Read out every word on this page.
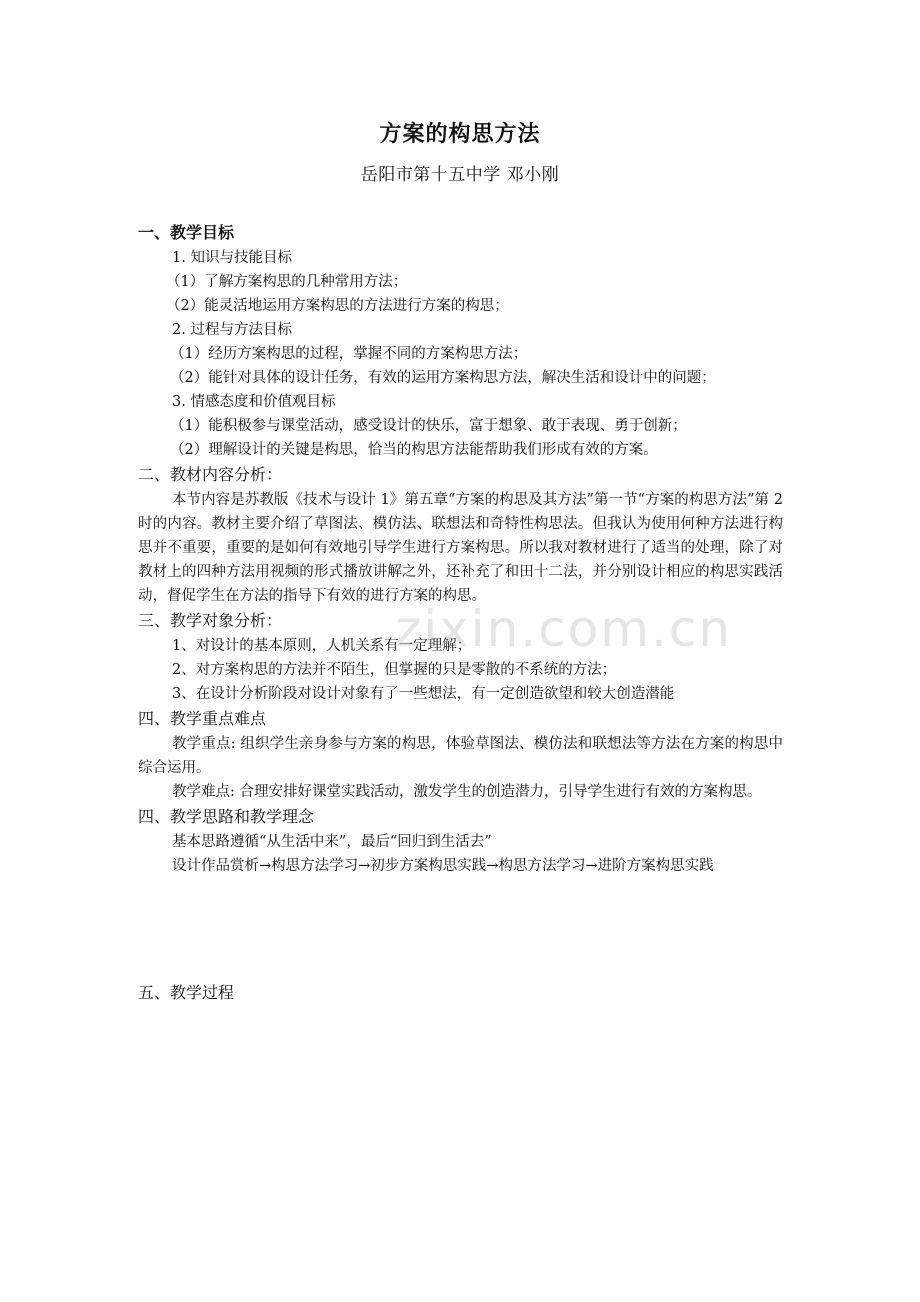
方案的构思方法
岳阳市第十五中学 邓小刚
一、教学目标
1. 知识与技能目标
（1）了解方案构思的几种常用方法；
（2）能灵活地运用方案构思的方法进行方案的构思；
2. 过程与方法目标
（1）经历方案构思的过程，掌握不同的方案构思方法；
（2）能针对具体的设计任务，有效的运用方案构思方法，解决生活和设计中的问题；
3. 情感态度和价值观目标
（1）能积极参与课堂活动，感受设计的快乐，富于想象、敢于表现、勇于创新；
（2）理解设计的关键是构思，恰当的构思方法能帮助我们形成有效的方案。
二、教材内容分析：
本节内容是苏教版《技术与设计 1》第五章“方案的构思及其方法”第一节“方案的构思方法”第 2 时的内容。教材主要介绍了草图法、模仿法、联想法和奇特性构思法。但我认为使用何种方法进行构思并不重要，重要的是如何有效地引导学生进行方案构思。所以我对教材进行了适当的处理，除了对教材上的四种方法用视频的形式播放讲解之外，还补充了和田十二法，并分别设计相应的构思实践活动，督促学生在方法的指导下有效的进行方案的构思。
三、教学对象分析：
1、对设计的基本原则，人机关系有一定理解；
2、对方案构思的方法并不陌生，但掌握的只是零散的不系统的方法；
3、在设计分析阶段对设计对象有了一些想法，有一定创造欲望和较大创造潜能
四、教学重点难点
教学重点: 组织学生亲身参与方案的构思，体验草图法、模仿法和联想法等方法在方案的构思中综合运用。
教学难点: 合理安排好课堂实践活动，激发学生的创造潜力，引导学生进行有效的方案构思。
四、教学思路和教学理念
基本思路遵循“从生活中来”，最后“回归到生活去”
设计作品赏析→构思方法学习→初步方案构思实践→构思方法学习→进阶方案构思实践
五、教学过程
zixin.com.cn
